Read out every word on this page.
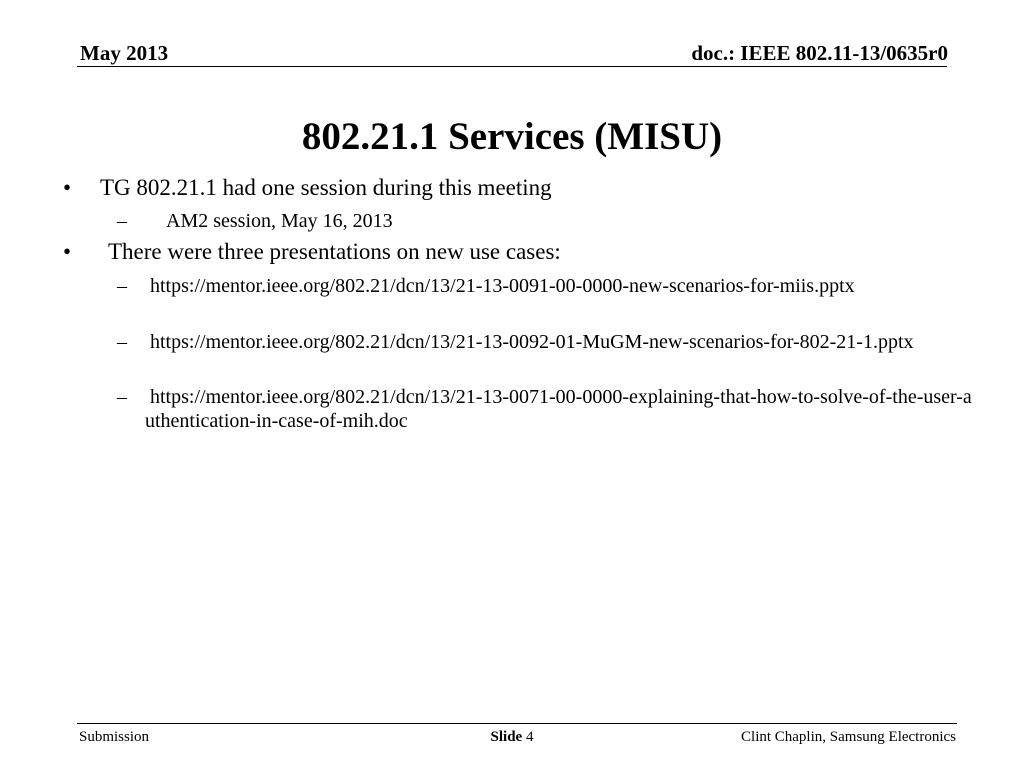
May 2013	doc.: IEEE 802.11-13/0635r0
802.21.1 Services (MISU)
• TG 802.21.1 had one session during this meeting
– AM2 session, May 16, 2013
• There were three presentations on new use cases:
– https://mentor.ieee.org/802.21/dcn/13/21-13-0091-00-0000-new-scenarios-for-miis.pptx
– https://mentor.ieee.org/802.21/dcn/13/21-13-0092-01-MuGM-new-scenarios-for-802-21-1.pptx
– https://mentor.ieee.org/802.21/dcn/13/21-13-0071-00-0000-explaining-that-how-to-solve-of-the-user-authentication-in-case-of-mih.doc
Submission	Slide 4	Clint Chaplin, Samsung Electronics
